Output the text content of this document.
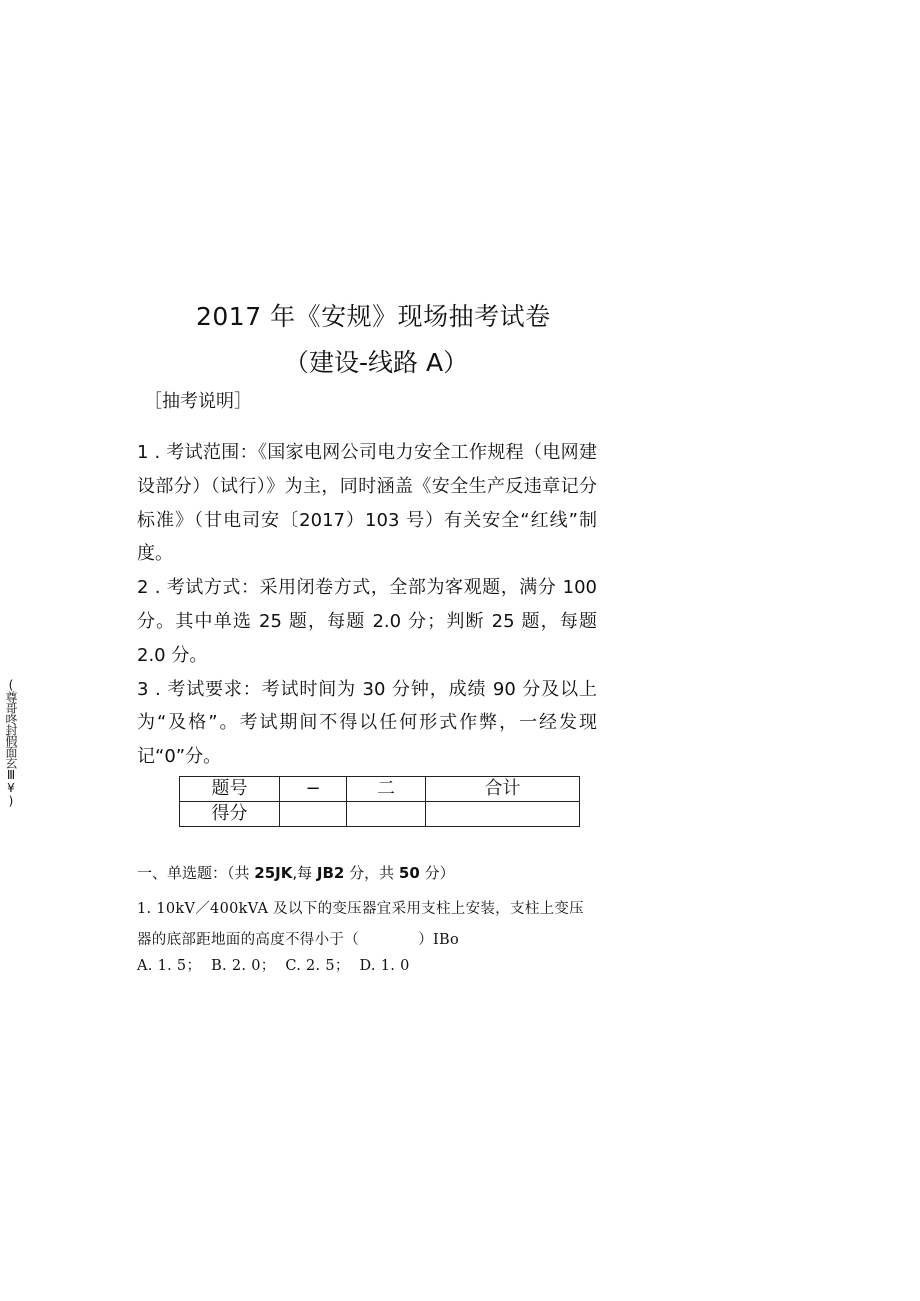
(尊哥咚封假面玄Ⅲ¥)
2017 年《安规》现场抽考试卷
（建设-线路 A）
［抽考说明］

1 . 考试范围：《国家电网公司电力安全工作规程（电网建设部分）（试行）》为主，同时涵盖《安全生产反违章记分标准》（甘电司安〔2017）103 号）有关安全“红线”制度。

2 . 考试方式：采用闭卷方式，全部为客观题，满分 100 分。其中单选 25 题，每题 2.0 分；判断 25 题，每题 2.0 分。

3 . 考试要求：考试时间为 30 分钟，成绩 90 分及以上为“及格”。考试期间不得以任何形式作弊，一经发现记“0”分。

题号	−	二	合计
得分			
一、单选题：（共 25JK,每 JB2 分，共 50 分）
1. 10kV／400kVA 及以下的变压器宜采用支柱上安装，支柱上变压
器的底部距地面的高度不得小于（　　　　）IBo
A. 1. 5；  B. 2. 0；  C. 2. 5；  D. 1. 0
